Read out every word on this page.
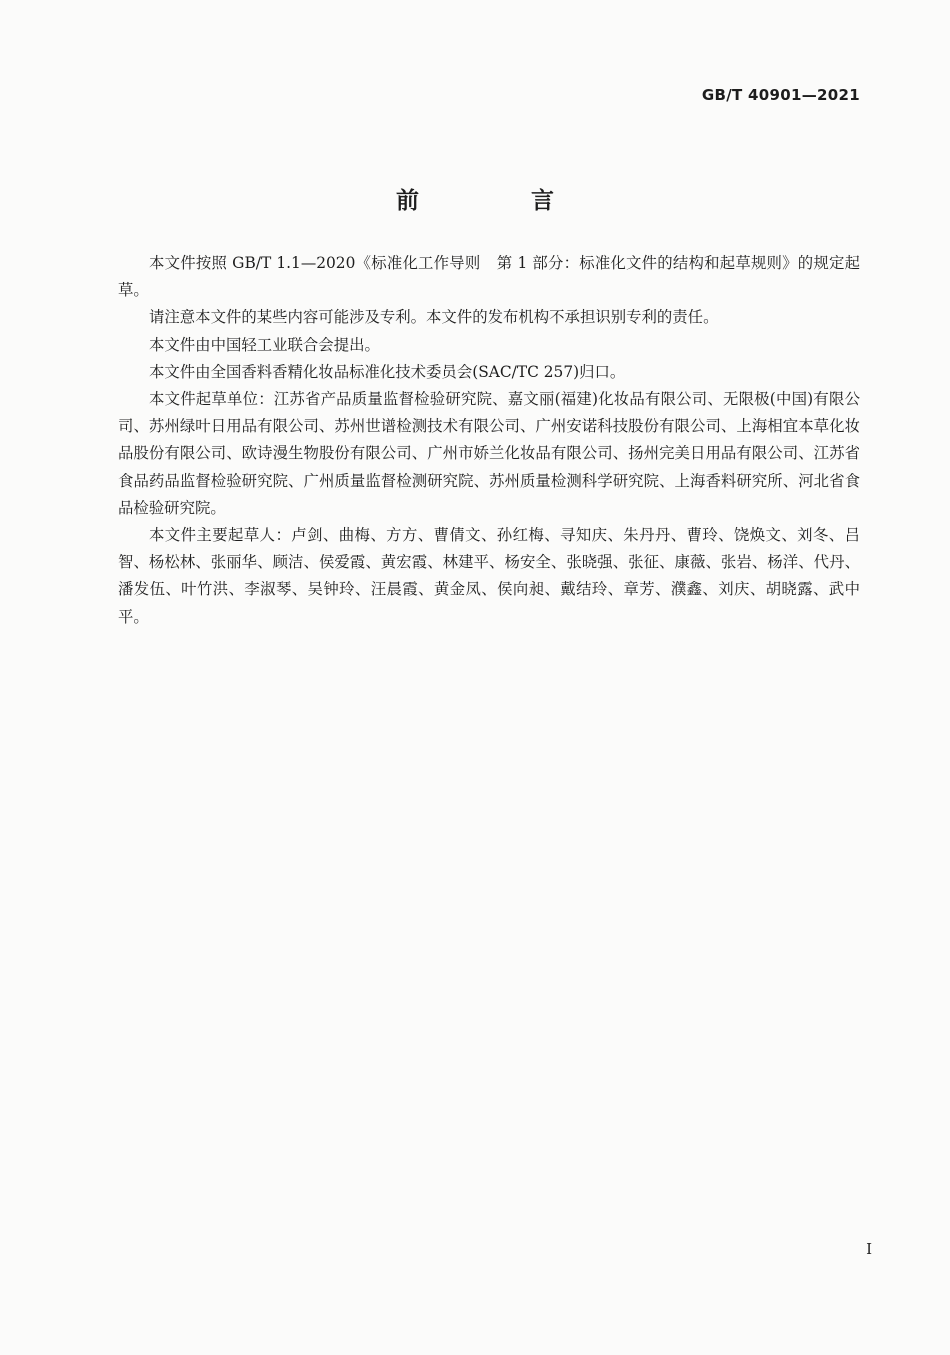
GB/T 40901—2021
前 言

本文件按照 GB/T 1.1—2020《标准化工作导则 第 1 部分：标准化文件的结构和起草规则》的规定起草。

请注意本文件的某些内容可能涉及专利。本文件的发布机构不承担识别专利的责任。

本文件由中国轻工业联合会提出。

本文件由全国香料香精化妆品标准化技术委员会(SAC/TC 257)归口。

本文件起草单位：江苏省产品质量监督检验研究院、嘉文丽(福建)化妆品有限公司、无限极(中国)有限公司、苏州绿叶日用品有限公司、苏州世谱检测技术有限公司、广州安诺科技股份有限公司、上海相宜本草化妆品股份有限公司、欧诗漫生物股份有限公司、广州市娇兰化妆品有限公司、扬州完美日用品有限公司、江苏省食品药品监督检验研究院、广州质量监督检测研究院、苏州质量检测科学研究院、上海香料研究所、河北省食品检验研究院。

本文件主要起草人：卢剑、曲梅、方方、曹倩文、孙红梅、寻知庆、朱丹丹、曹玲、饶焕文、刘冬、吕智、杨松林、张丽华、顾洁、侯爱霞、黄宏霞、林建平、杨安全、张晓强、张征、康薇、张岩、杨洋、代丹、潘发伍、叶竹洪、李淑琴、吴钟玲、汪晨霞、黄金凤、侯向昶、戴结玲、章芳、濮鑫、刘庆、胡晓露、武中平。

I
